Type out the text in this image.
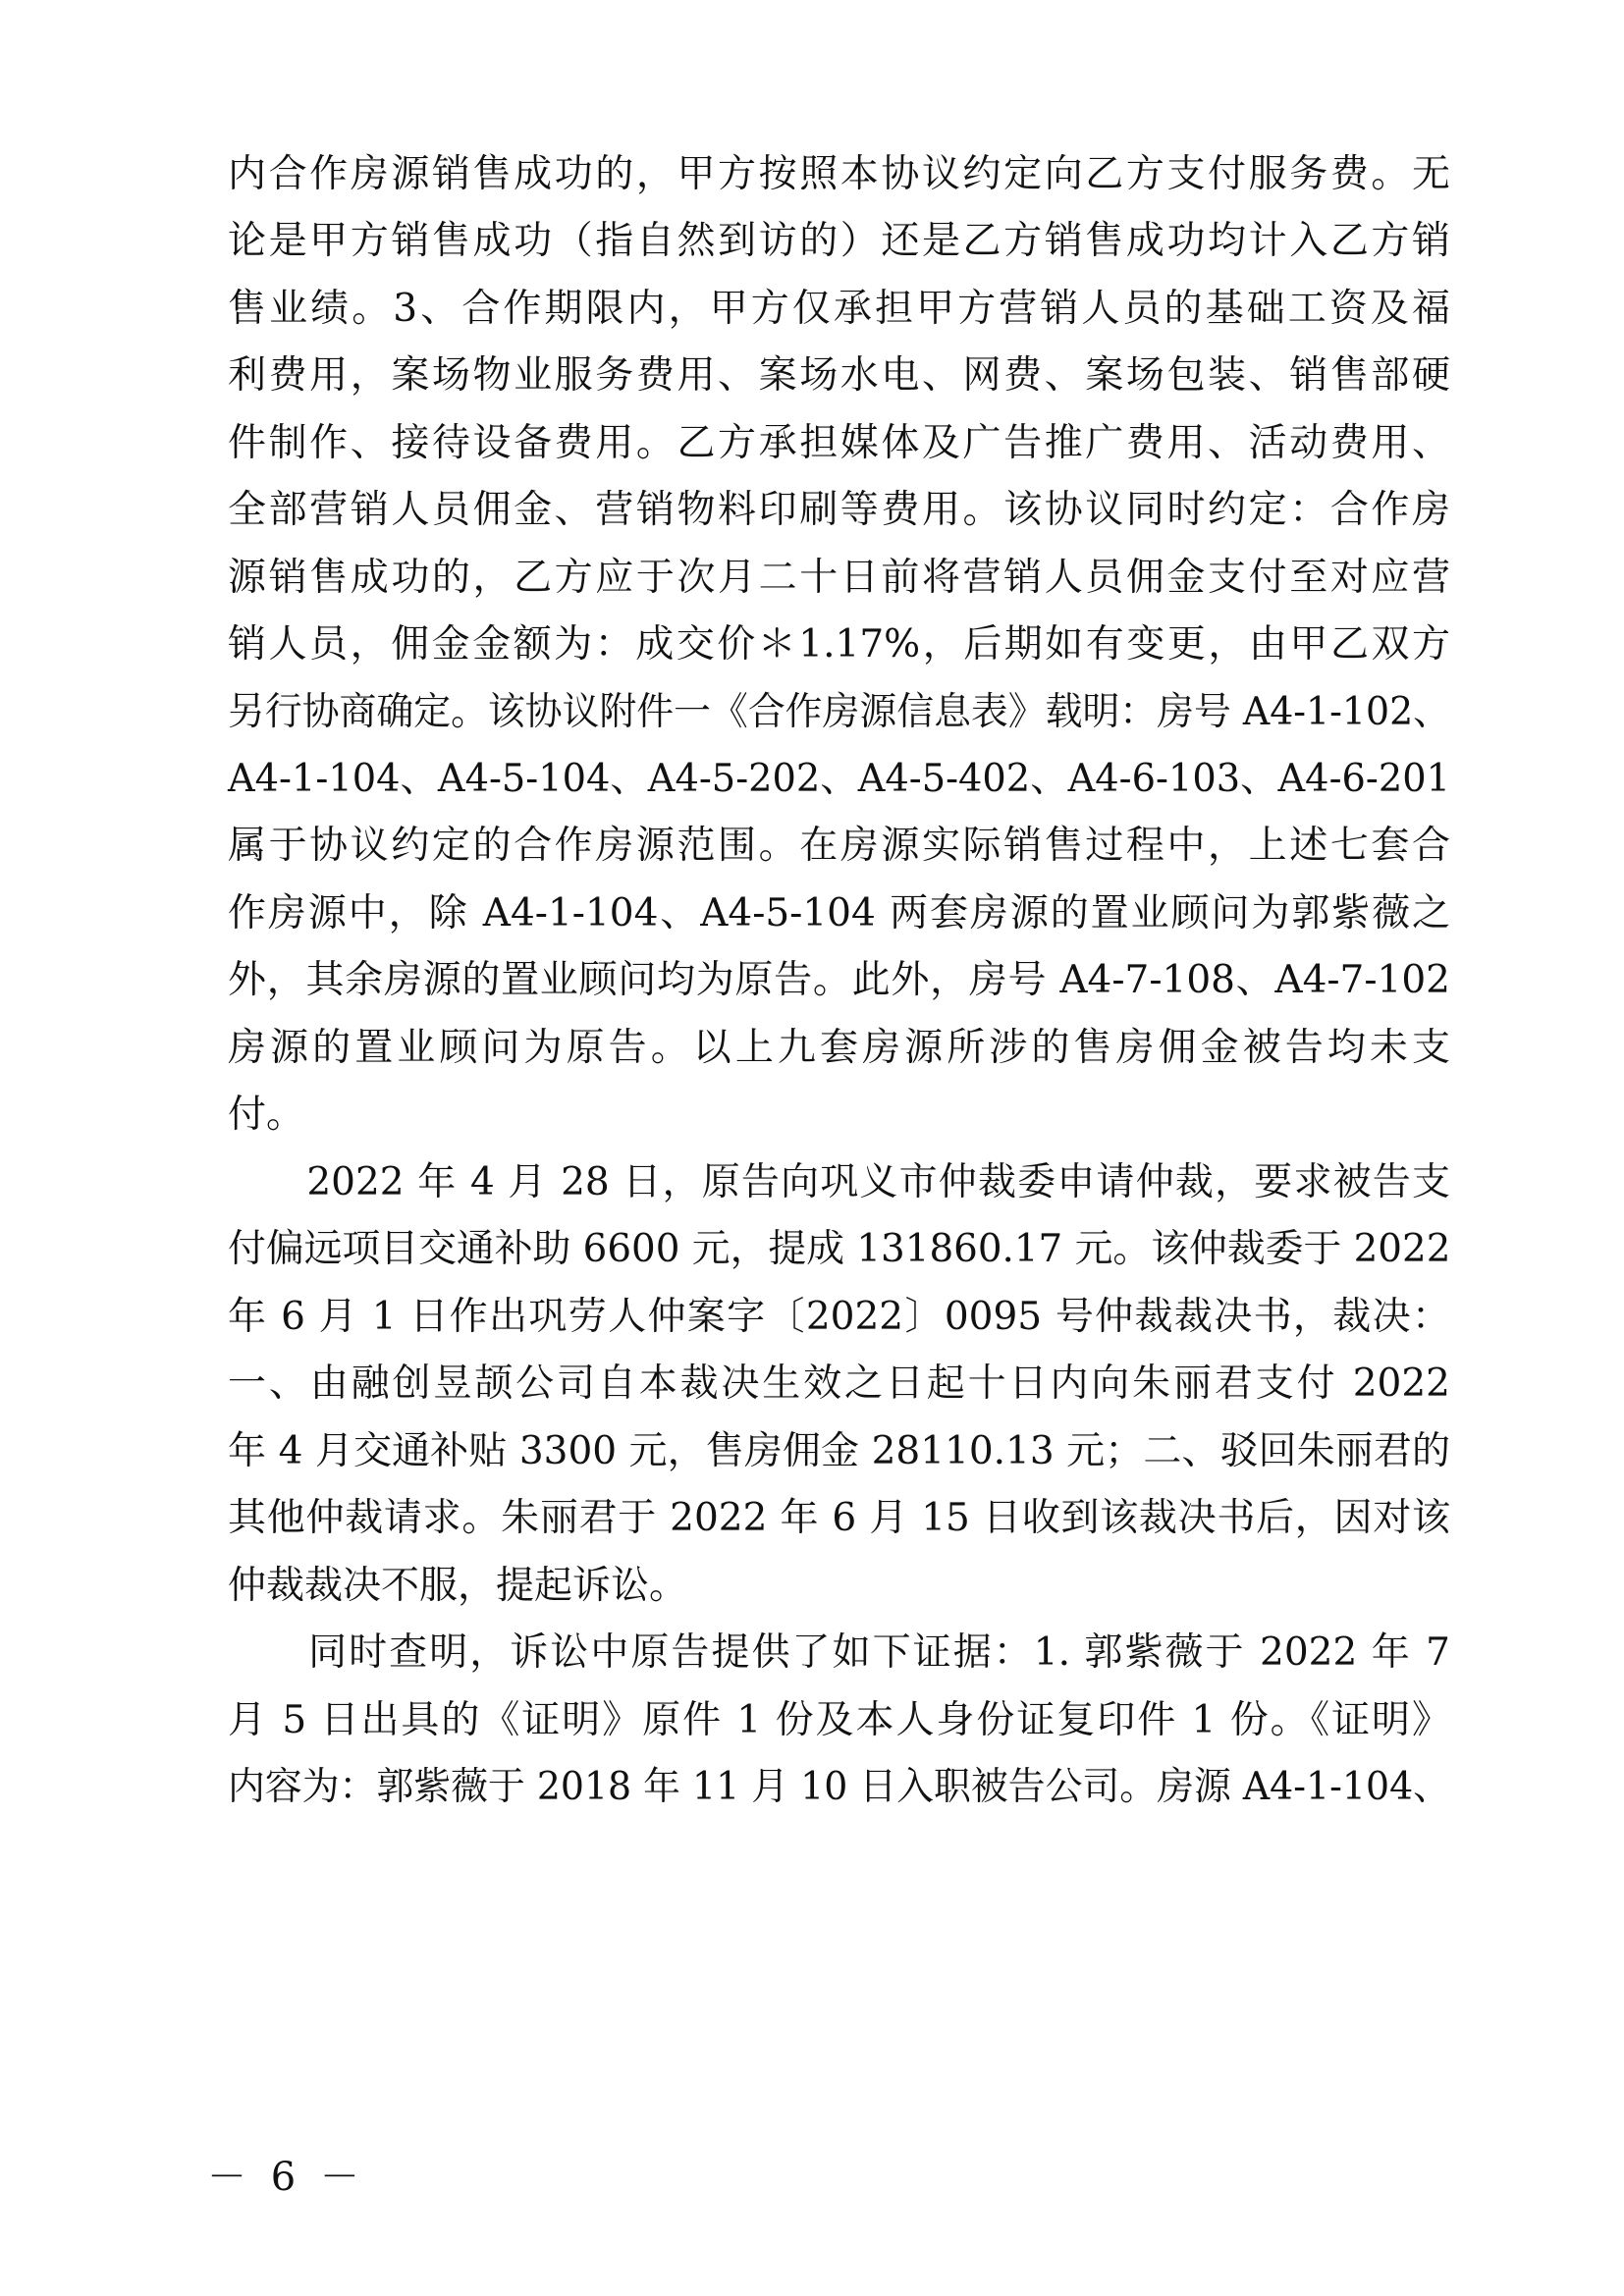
内合作房源销售成功的，甲方按照本协议约定向乙方支付服务费。无
论是甲方销售成功（指自然到访的）还是乙方销售成功均计入乙方销
售业绩。3、合作期限内，甲方仅承担甲方营销人员的基础工资及福
利费用，案场物业服务费用、案场水电、网费、案场包装、销售部硬
件制作、接待设备费用。乙方承担媒体及广告推广费用、活动费用、
全部营销人员佣金、营销物料印刷等费用。该协议同时约定：合作房
源销售成功的，乙方应于次月二十日前将营销人员佣金支付至对应营
销人员，佣金金额为：成交价＊1.17%，后期如有变更，由甲乙双方
另行协商确定。该协议附件一《合作房源信息表》载明：房号 A4-1-102、
A4-1-104、A4-5-104、A4-5-202、A4-5-402、A4-6-103、A4-6-201
属于协议约定的合作房源范围。在房源实际销售过程中，上述七套合
作房源中，除 A4-1-104、A4-5-104 两套房源的置业顾问为郭紫薇之
外，其余房源的置业顾问均为原告。此外，房号 A4-7-108、A4-7-102
房源的置业顾问为原告。以上九套房源所涉的售房佣金被告均未支
付。
　　2022 年 4 月 28 日，原告向巩义市仲裁委申请仲裁，要求被告支
付偏远项目交通补助 6600 元，提成 131860.17 元。该仲裁委于 2022
年 6 月 1 日作出巩劳人仲案字〔2022〕0095 号仲裁裁决书，裁决：
一、由融创昱颉公司自本裁决生效之日起十日内向朱丽君支付 2022
年 4 月交通补贴 3300 元，售房佣金 28110.13 元；二、驳回朱丽君的
其他仲裁请求。朱丽君于 2022 年 6 月 15 日收到该裁决书后，因对该
仲裁裁决不服，提起诉讼。
　　同时查明，诉讼中原告提供了如下证据：1. 郭紫薇于 2022 年 7
月 5 日出具的《证明》原件 1 份及本人身份证复印件 1 份。《证明》
内容为：郭紫薇于 2018 年 11 月 10 日入职被告公司。房源 A4-1-104、
－ 6 －
